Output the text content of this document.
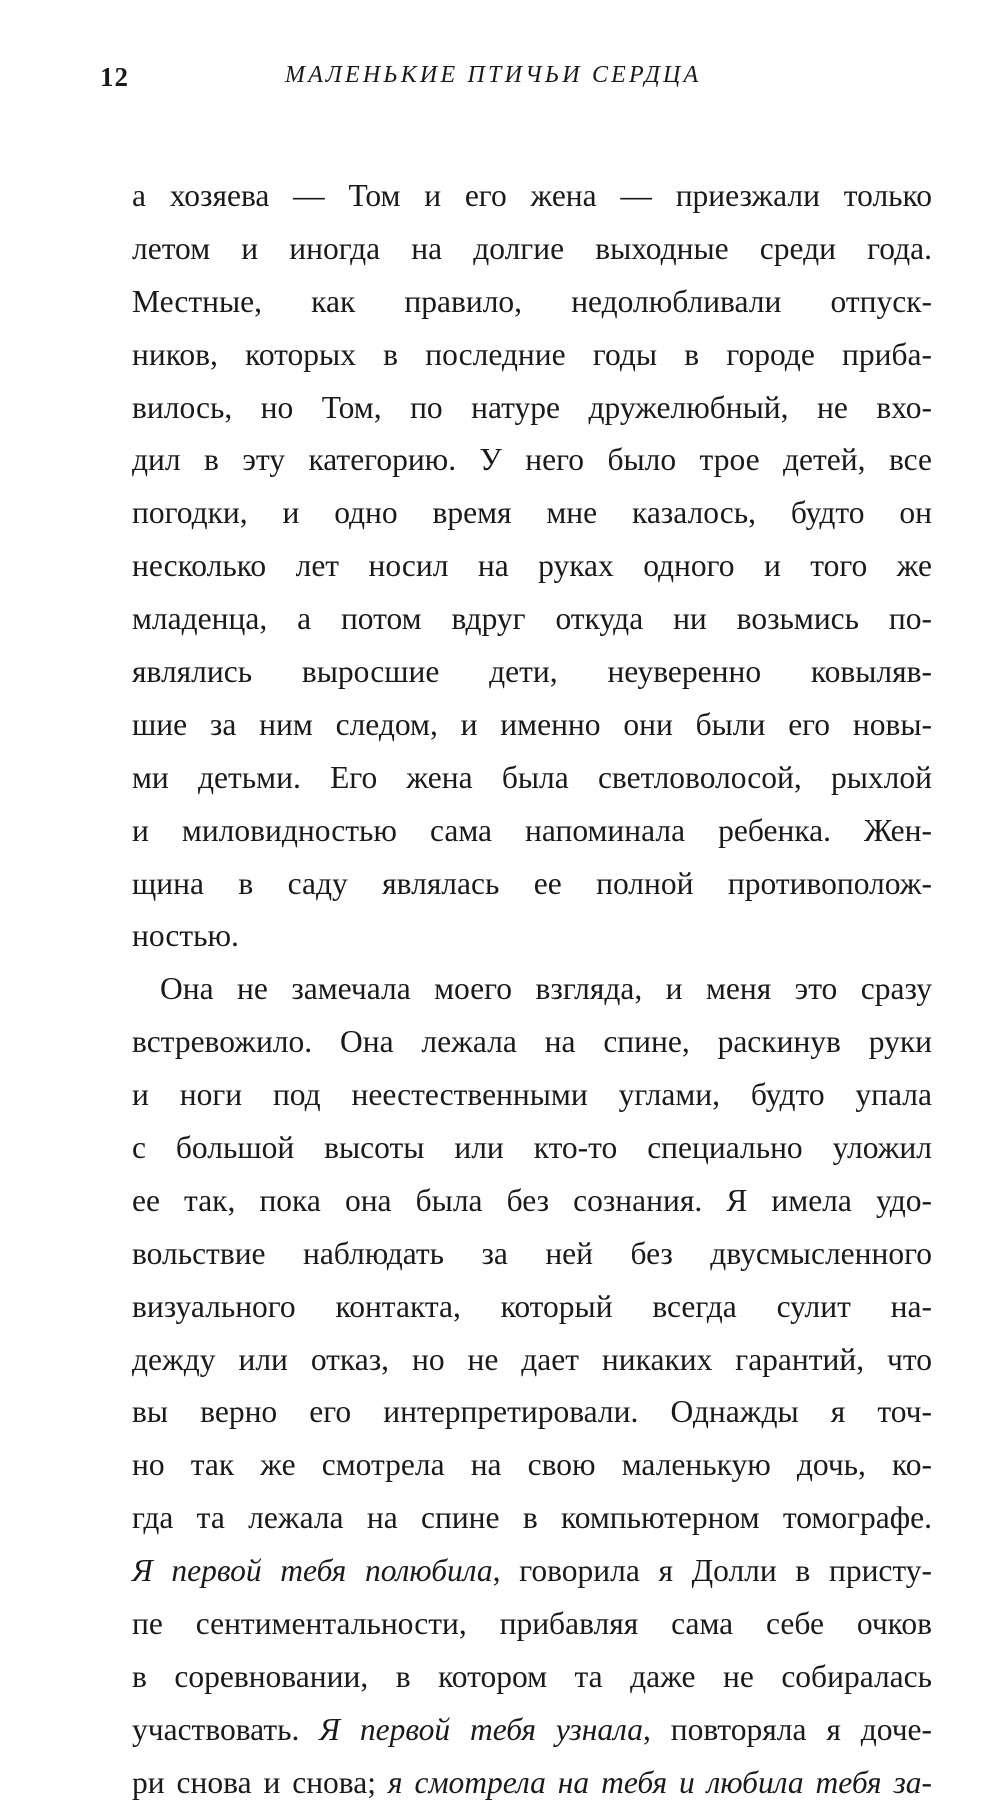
12	МАЛЕНЬКИЕ ПТИЧЬИ СЕРДЦА
а хозяева — Том и его жена — приезжали только
летом и иногда на долгие выходные среди года.
Местные, как правило, недолюбливали отпуск-
ников, которых в последние годы в городе приба-
вилось, но Том, по натуре дружелюбный, не вхо-
дил в эту категорию. У него было трое детей, все
погодки, и одно время мне казалось, будто он
несколько лет носил на руках одного и того же
младенца, а потом вдруг откуда ни возьмись по-
являлись выросшие дети, неуверенно ковыляв-
шие за ним следом, и именно они были его новы-
ми детьми. Его жена была светловолосой, рыхлой
и миловидностью сама напоминала ребенка. Жен-
щина в саду являлась ее полной противополож-
ностью.
Она не замечала моего взгляда, и меня это сразу
встревожило. Она лежала на спине, раскинув руки
и ноги под неестественными углами, будто упала
с большой высоты или кто-то специально уложил
ее так, пока она была без сознания. Я имела удо-
вольствие наблюдать за ней без двусмысленного
визуального контакта, который всегда сулит на-
дежду или отказ, но не дает никаких гарантий, что
вы верно его интерпретировали. Однажды я точ-
но так же смотрела на свою маленькую дочь, ко-
гда та лежала на спине в компьютерном томографе.
Я первой тебя полюбила, говорила я Долли в присту-
пе сентиментальности, прибавляя сама себе очков
в соревновании, в котором та даже не собиралась
участвовать. Я первой тебя узнала, повторяла я доче-
ри снова и снова; я смотрела на тебя и любила тебя за-
